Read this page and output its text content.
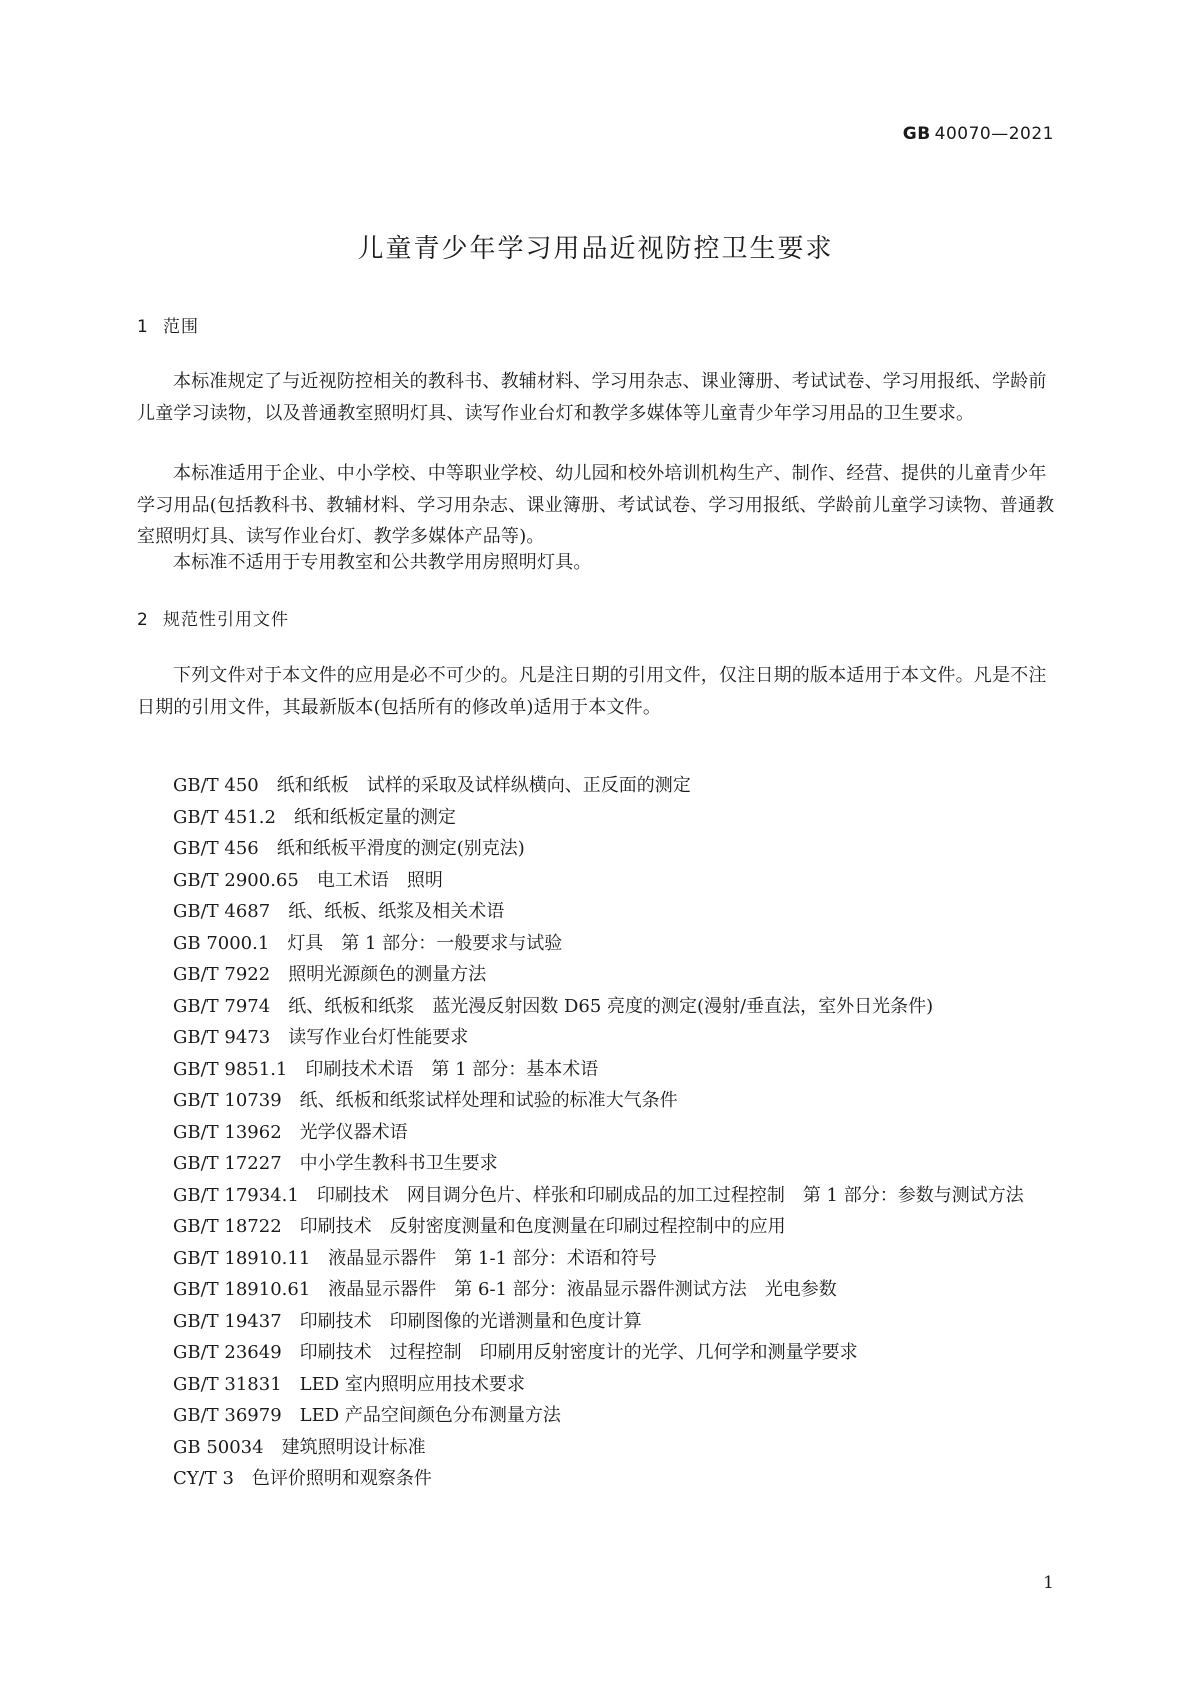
GB 40070—2021
儿童青少年学习用品近视防控卫生要求
1 范围

本标准规定了与近视防控相关的教科书、教辅材料、学习用杂志、课业簿册、考试试卷、学习用报纸、学龄前儿童学习读物，以及普通教室照明灯具、读写作业台灯和教学多媒体等儿童青少年学习用品的卫生要求。

本标准适用于企业、中小学校、中等职业学校、幼儿园和校外培训机构生产、制作、经营、提供的儿童青少年学习用品(包括教科书、教辅材料、学习用杂志、课业簿册、考试试卷、学习用报纸、学龄前儿童学习读物、普通教室照明灯具、读写作业台灯、教学多媒体产品等)。

本标准不适用于专用教室和公共教学用房照明灯具。

2 规范性引用文件

下列文件对于本文件的应用是必不可少的。凡是注日期的引用文件，仅注日期的版本适用于本文件。凡是不注日期的引用文件，其最新版本(包括所有的修改单)适用于本文件。

GB/T 450 纸和纸板　试样的采取及试样纵横向、正反面的测定

GB/T 451.2 纸和纸板定量的测定

GB/T 456 纸和纸板平滑度的测定(别克法)

GB/T 2900.65 电工术语　照明

GB/T 4687 纸、纸板、纸浆及相关术语

GB 7000.1 灯具　第 1 部分：一般要求与试验

GB/T 7922 照明光源颜色的测量方法

GB/T 7974 纸、纸板和纸浆　蓝光漫反射因数 D65 亮度的测定(漫射/垂直法，室外日光条件)

GB/T 9473 读写作业台灯性能要求

GB/T 9851.1 印刷技术术语　第 1 部分：基本术语

GB/T 10739 纸、纸板和纸浆试样处理和试验的标准大气条件

GB/T 13962 光学仪器术语

GB/T 17227 中小学生教科书卫生要求

GB/T 17934.1 印刷技术　网目调分色片、样张和印刷成品的加工过程控制　第 1 部分：参数与测试方法

GB/T 18722 印刷技术　反射密度测量和色度测量在印刷过程控制中的应用

GB/T 18910.11 液晶显示器件　第 1-1 部分：术语和符号

GB/T 18910.61 液晶显示器件　第 6-1 部分：液晶显示器件测试方法　光电参数

GB/T 19437 印刷技术　印刷图像的光谱测量和色度计算

GB/T 23649 印刷技术　过程控制　印刷用反射密度计的光学、几何学和测量学要求

GB/T 31831 LED 室内照明应用技术要求

GB/T 36979 LED 产品空间颜色分布测量方法

GB 50034 建筑照明设计标准

CY/T 3 色评价照明和观察条件

1
